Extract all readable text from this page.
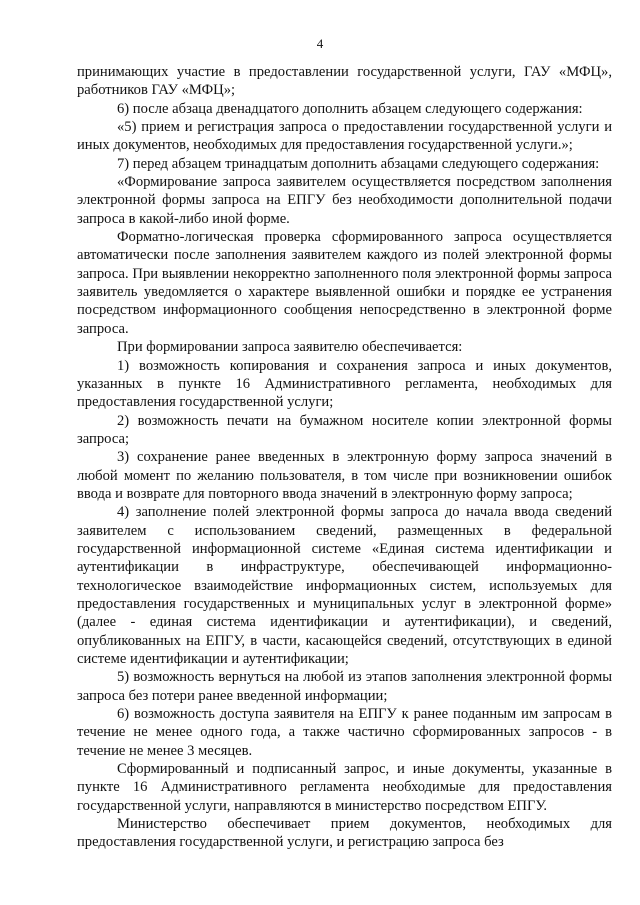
4

принимающих участие в предоставлении государственной услуги, ГАУ «МФЦ», работников ГАУ «МФЦ»;

6) после абзаца двенадцатого дополнить абзацем следующего содержания:

«5) прием и регистрация запроса о предоставлении государственной услуги и иных документов, необходимых для предоставления государственной услуги.»;

7) перед абзацем тринадцатым дополнить абзацами следующего содержания:

«Формирование запроса заявителем осуществляется посредством заполнения электронной формы запроса на ЕПГУ без необходимости дополнительной подачи запроса в какой-либо иной форме.

Форматно-логическая проверка сформированного запроса осуществляется автоматически после заполнения заявителем каждого из полей электронной формы запроса. При выявлении некорректно заполненного поля электронной формы запроса заявитель уведомляется о характере выявленной ошибки и порядке ее устранения посредством информационного сообщения непосредственно в электронной форме запроса.

При формировании запроса заявителю обеспечивается:

1) возможность копирования и сохранения запроса и иных документов, указанных в пункте 16 Административного регламента, необходимых для предоставления государственной услуги;

2) возможность печати на бумажном носителе копии электронной формы запроса;

3) сохранение ранее введенных в электронную форму запроса значений в любой момент по желанию пользователя, в том числе при возникновении ошибок ввода и возврате для повторного ввода значений в электронную форму запроса;

4) заполнение полей электронной формы запроса до начала ввода сведений заявителем с использованием сведений, размещенных в федеральной государственной информационной системе «Единая система идентификации и аутентификации в инфраструктуре, обеспечивающей информационно-технологическое взаимодействие информационных систем, используемых для предоставления государственных и муниципальных услуг в электронной форме» (далее - единая система идентификации и аутентификации), и сведений, опубликованных на ЕПГУ, в части, касающейся сведений, отсутствующих в единой системе идентификации и аутентификации;

5) возможность вернуться на любой из этапов заполнения электронной формы запроса без потери ранее введенной информации;

6) возможность доступа заявителя на ЕПГУ к ранее поданным им запросам в течение не менее одного года, а также частично сформированных запросов - в течение не менее 3 месяцев.

Сформированный и подписанный запрос, и иные документы, указанные в пункте 16 Административного регламента необходимые для предоставления государственной услуги, направляются в министерство посредством ЕПГУ.

Министерство обеспечивает прием документов, необходимых для предоставления государственной услуги, и регистрацию запроса без
